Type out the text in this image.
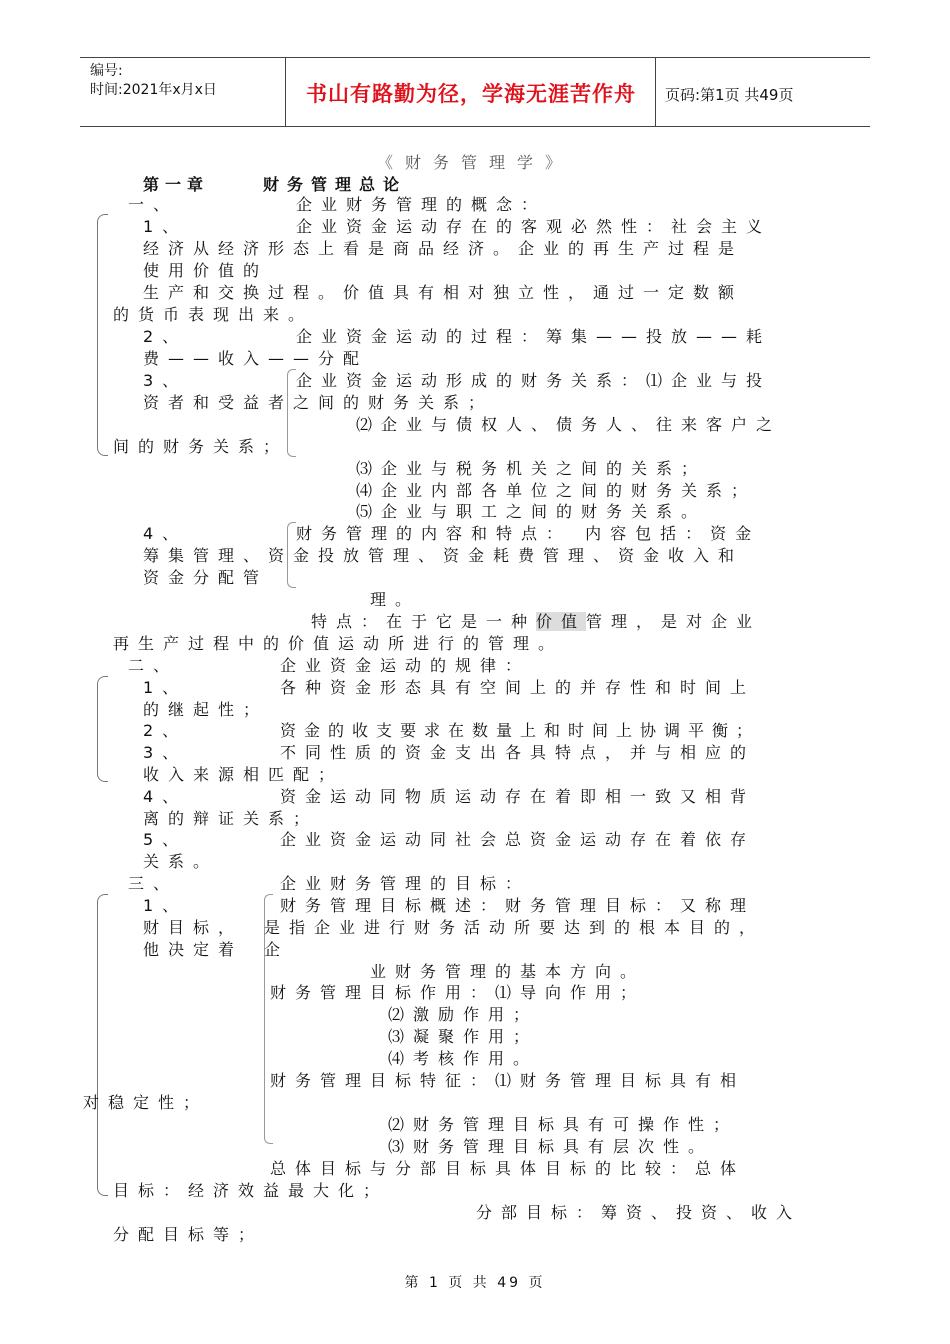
编号:
时间:2021年x月x日	书山有路勤为径，学海无涯苦作舟	页码:第1页 共49页
《财务管理学》
第一章	财务管理总论
一、	企业财务管理的概念：
1、	企业资金运动存在的客观必然性：社会主义
经济从经济形态上看是商品经济。企业的再生产过程是
使用价值的
生产和交换过程。价值具有相对独立性，通过一定数额
的货币表现出来。
2、	企业资金运动的过程：筹集——投放——耗
费——收入——分配
3、	企业资金运动形成的财务关系：⑴企业与投
资者和受益者之间的财务关系；
⑵企业与债权人、债务人、往来客户之
间的财务关系；
⑶企业与税务机关之间的关系；
⑷企业内部各单位之间的财务关系；
⑸企业与职工之间的财务关系。
4、	财务管理的内容和特点： 内容包括：资金
筹集管理、资金投放管理、资金耗费管理、资金收入和
资金分配管
理。
特点：在于它是一种价值管理，是对企业
再生产过程中的价值运动所进行的管理。
二、	企业资金运动的规律：
1、	各种资金形态具有空间上的并存性和时间上
的继起性；
2、	资金的收支要求在数量上和时间上协调平衡；
3、	不同性质的资金支出各具特点，并与相应的
收入来源相匹配；
4、	资金运动同物质运动存在着即相一致又相背
离的辩证关系；
5、	企业资金运动同社会总资金运动存在着依存
关系。
三、	企业财务管理的目标：
1、	财务管理目标概述：财务管理目标：又称理
财目标， 是指企业进行财务活动所要达到的根本目的，
他决定着 企
业财务管理的基本方向。
财务管理目标作用：⑴导向作用；
⑵激励作用；
⑶凝聚作用；
⑷考核作用。
财务管理目标特征：⑴财务管理目标具有相
对稳定性；
⑵财务管理目标具有可操作性；
⑶财务管理目标具有层次性。
总体目标与分部目标具体目标的比较：总体
目标：经济效益最大化；
分部目标：筹资、投资、收入
分配目标等；
第 1 页 共 49 页
